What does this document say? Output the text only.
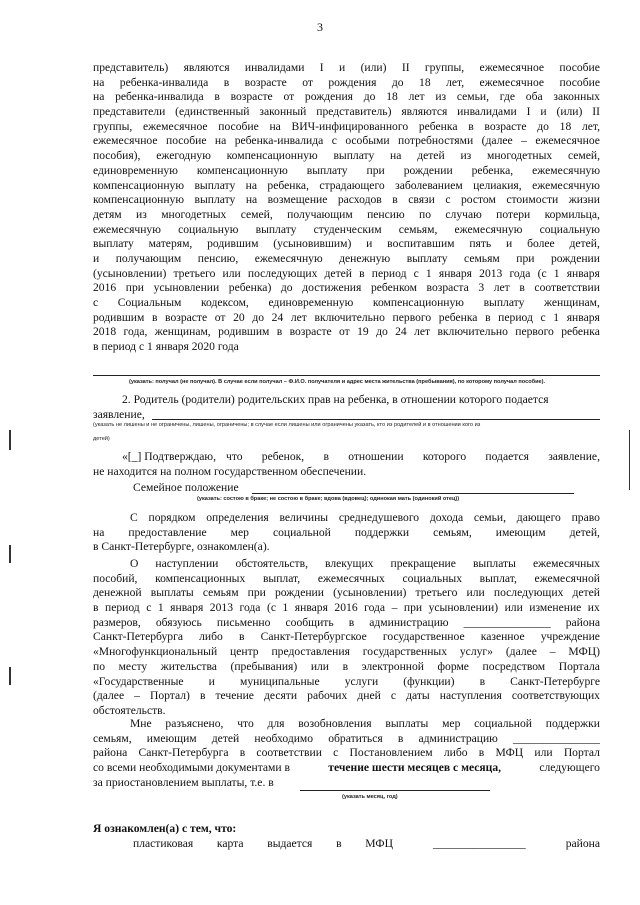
3
представитель) являются инвалидами I и (или) II группы, ежемесячное пособие
на ребенка-инвалида в возрасте от рождения до 18 лет, ежемесячное пособие
на ребенка-инвалида в возрасте от рождения до 18 лет из семьи, где оба законных
представители (единственный законный представитель) являются инвалидами I и (или) II
группы, ежемесячное пособие на ВИЧ-инфицированного ребенка в возрасте до 18 лет,
ежемесячное пособие на ребенка-инвалида с особыми потребностями (далее – ежемесячное
пособия), ежегодную компенсационную выплату на детей из многодетных семей,
единовременную компенсационную выплату при рождении ребенка, ежемесячную
компенсационную выплату на ребенка, страдающего заболеванием целиакия, ежемесячную
компенсационную выплату на возмещение расходов в связи с ростом стоимости жизни
детям из многодетных семей, получающим пенсию по случаю потери кормильца,
ежемесячную социальную выплату студенческим семьям, ежемесячную социальную
выплату матерям, родившим (усыновившим) и воспитавшим пять и более детей,
и получающим пенсию, ежемесячную денежную выплату семьям при рождении
(усыновлении) третьего или последующих детей в период с 1 января 2013 года (с 1 января
2016 при усыновлении ребенка) до достижения ребенком возраста 3 лет в соответствии
с Социальным кодексом, единовременную компенсационную выплату женщинам,
родившим в возрасте от 20 до 24 лет включительно первого ребенка в период с 1 января
2018 года, женщинам, родившим в возрасте от 19 до 24 лет включительно первого ребенка
в период с 1 января 2020 года
(указать: получал (не получал). В случае если получал – Ф.И.О. получателя и адрес места жительства (пребывания), по которому получал пособие).
2. Родитель (родители) родительских прав на ребенка, в отношении которого подается
заявление,
(указать не лишены и не ограничены, лишены, ограничены; в случае если лишены или ограничены указать, кто из родителей и в отношении кого из
детей)
«[_] Подтверждаю, что ребенок, в отношении которого подается заявление,
не находится на полном государственном обеспечении.
Семейное положение
(указать: состою в браке; не состою в браке; вдова (вдовец); одинокая мать (одинокий отец))
С порядком определения величины среднедушевого дохода семьи, дающего право
на предоставление мер социальной поддержки семьям, имеющим детей,
в Санкт-Петербурге, ознакомлен(а).
О наступлении обстоятельств, влекущих прекращение выплаты ежемесячных
пособий, компенсационных выплат, ежемесячных социальных выплат, ежемесячной
денежной выплаты семьям при рождении (усыновлении) третьего или последующих детей
в период с 1 января 2013 года (с 1 января 2016 года – при усыновлении) или изменение их
размеров, обязуюсь письменно сообщить в администрацию _______________ района
Санкт-Петербурга либо в Санкт-Петербургское государственное казенное учреждение
«Многофункциональный центр предоставления государственных услуг» (далее – МФЦ)
по месту жительства (пребывания) или в электронной форме посредством Портала
«Государственные и муниципальные услуги (функции) в Санкт-Петербурге
(далее – Портал) в течение десяти рабочих дней с даты наступления соответствующих
обстоятельств.
Мне разъяснено, что для возобновления выплаты мер социальной поддержки
семьям, имеющим детей необходимо обратиться в администрацию _______________
района Санкт-Петербурга в соответствии с Постановлением либо в МФЦ или Портал
со всеми необходимыми документами в	течение шести месяцев с месяца,	следующего
за приостановлением выплаты, т.е. в
(указать месяц, год)
Я ознакомлен(а) с тем, что:
пластиковая карта выдается в МФЦ	________________	района
